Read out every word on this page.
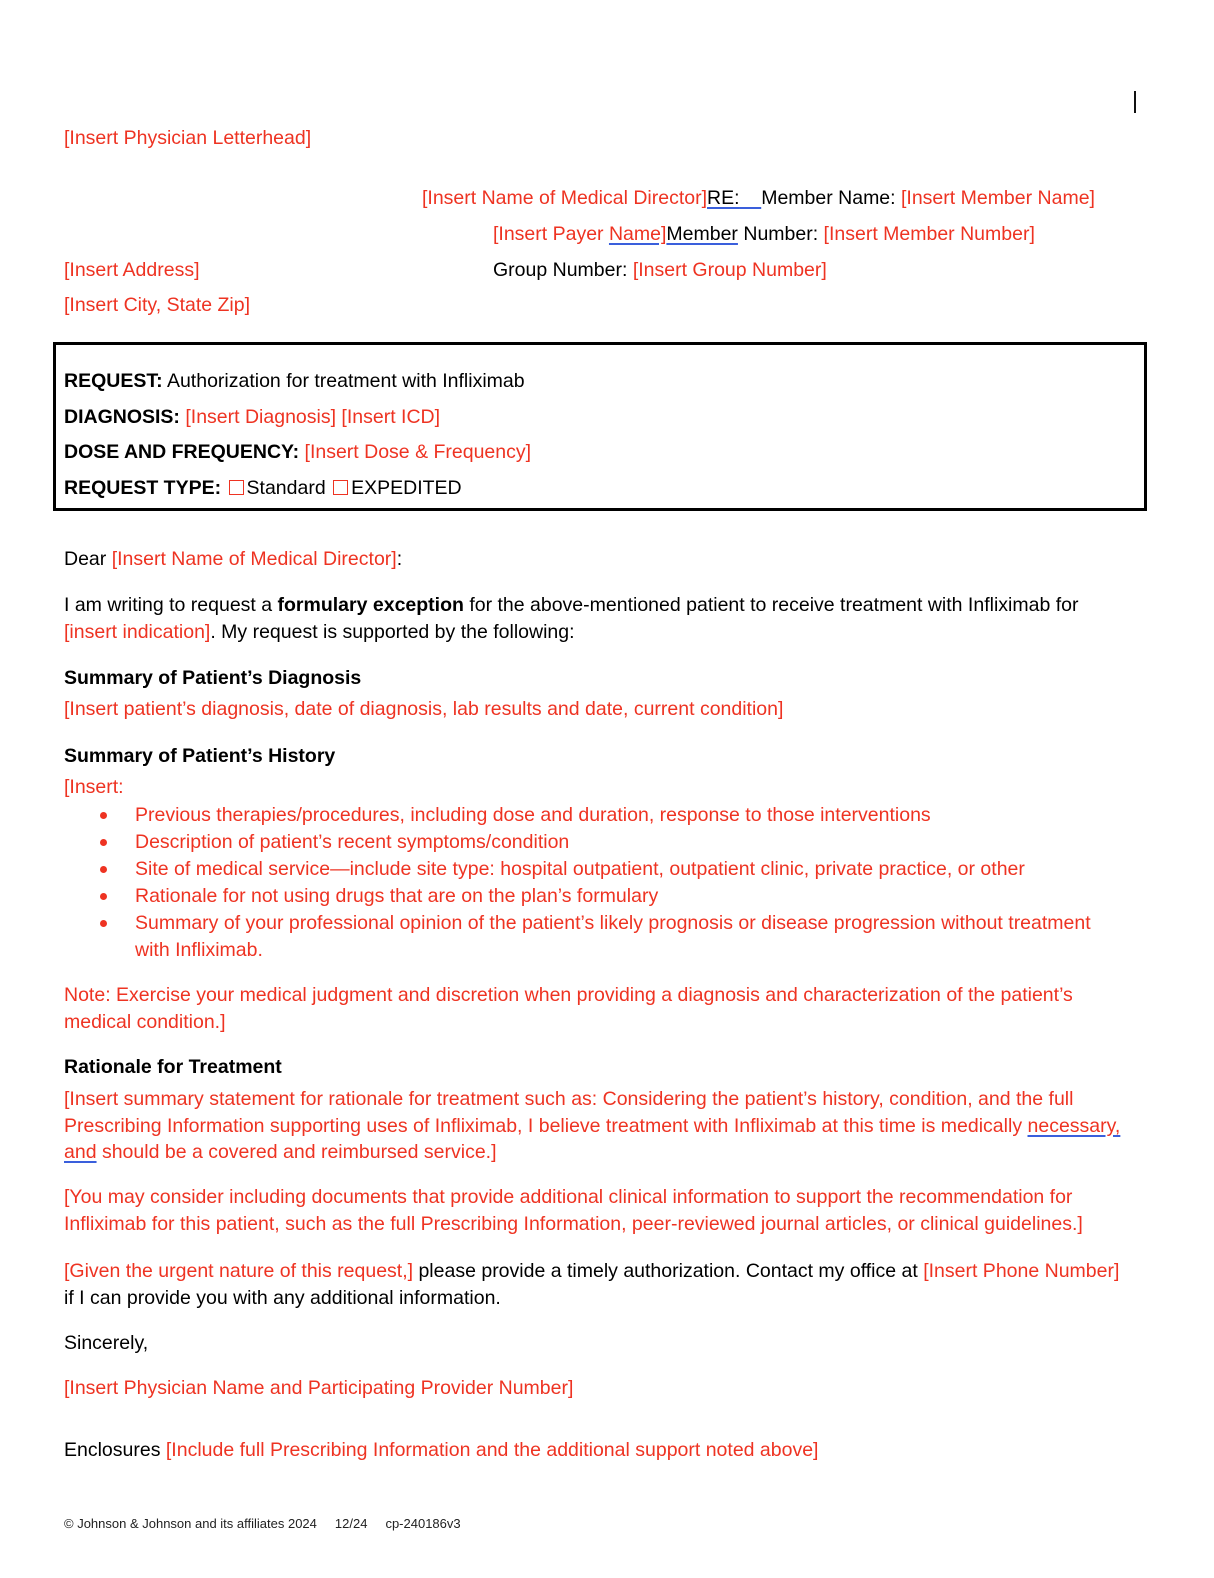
[Insert Physician Letterhead]
[Insert Name of Medical Director]RE: Member Name: [Insert Member Name]
[Insert Payer Name]Member Number: [Insert Member Number]
[Insert Address]	Group Number: [Insert Group Number]
[Insert City, State Zip]
REQUEST: Authorization for treatment with Infliximab
DIAGNOSIS: [Insert Diagnosis] [Insert ICD]
DOSE AND FREQUENCY: [Insert Dose & Frequency]
REQUEST TYPE: Standard EXPEDITED
Dear [Insert Name of Medical Director]:
I am writing to request a formulary exception for the above-mentioned patient to receive treatment with Infliximab for [insert indication]. My request is supported by the following:
Summary of Patient’s Diagnosis
[Insert patient’s diagnosis, date of diagnosis, lab results and date, current condition]
Summary of Patient’s History
[Insert:
Previous therapies/procedures, including dose and duration, response to those interventions
Description of patient’s recent symptoms/condition
Site of medical service—include site type: hospital outpatient, outpatient clinic, private practice, or other
Rationale for not using drugs that are on the plan’s formulary
Summary of your professional opinion of the patient’s likely prognosis or disease progression without treatment with Infliximab.
Note: Exercise your medical judgment and discretion when providing a diagnosis and characterization of the patient’s medical condition.]
Rationale for Treatment
[Insert summary statement for rationale for treatment such as: Considering the patient’s history, condition, and the full Prescribing Information supporting uses of Infliximab, I believe treatment with Infliximab at this time is medically necessary, and should be a covered and reimbursed service.]
[You may consider including documents that provide additional clinical information to support the recommendation for Infliximab for this patient, such as the full Prescribing Information, peer-reviewed journal articles, or clinical guidelines.]
[Given the urgent nature of this request,] please provide a timely authorization. Contact my office at [Insert Phone Number] if I can provide you with any additional information.
Sincerely,
[Insert Physician Name and Participating Provider Number]
Enclosures [Include full Prescribing Information and the additional support noted above]
© Johnson & Johnson and its affiliates 2024 12/24 cp-240186v3
